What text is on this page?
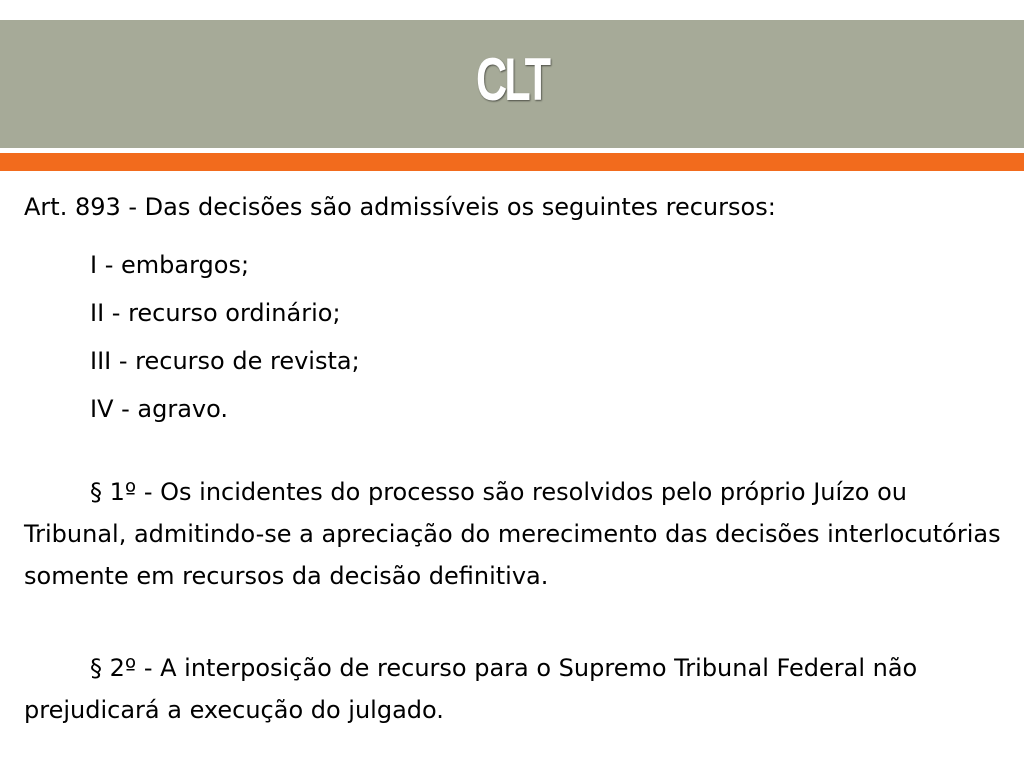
CLT

Art. 893 - Das decisões são admissíveis os seguintes recursos:

I - embargos;

II - recurso ordinário;

III - recurso de revista;

IV - agravo.

§ 1º - Os incidentes do processo são resolvidos pelo próprio Juízo ou Tribunal, admitindo-se a apreciação do merecimento das decisões interlocutórias somente em recursos da decisão definitiva.

§ 2º - A interposição de recurso para o Supremo Tribunal Federal não prejudicará a execução do julgado.
